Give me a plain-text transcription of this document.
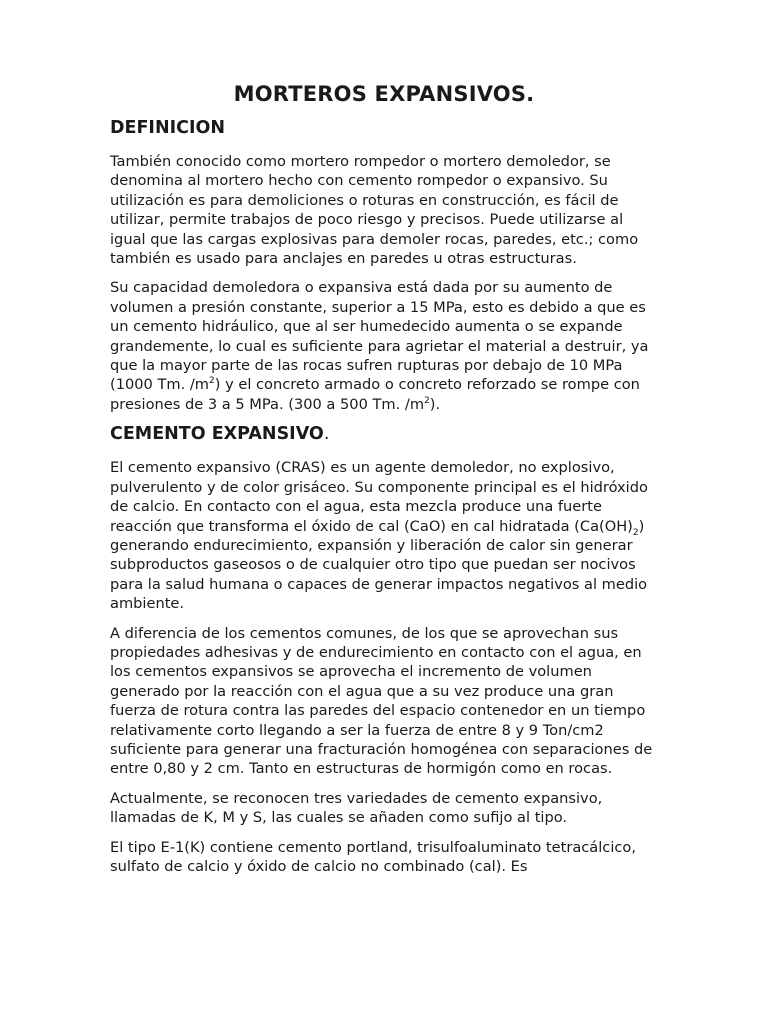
MORTEROS EXPANSIVOS.
DEFINICION

También conocido como mortero rompedor o mortero demoledor, se denomina al mortero hecho con cemento rompedor o expansivo. Su utilización es para demoliciones o roturas en construcción, es fácil de utilizar, permite trabajos de poco riesgo y precisos. Puede utilizarse al igual que las cargas explosivas para demoler rocas, paredes, etc.; como también es usado para anclajes en paredes u otras estructuras.

Su capacidad demoledora o expansiva está dada por su aumento de volumen a presión constante, superior a 15 MPa, esto es debido a que es un cemento hidráulico, que al ser humedecido aumenta o se expande grandemente, lo cual es suficiente para agrietar el material a destruir, ya que la mayor parte de las rocas sufren rupturas por debajo de 10 MPa (1000 Tm. $/m^2$) y el concreto armado o concreto reforzado se rompe con presiones de 3 a 5 MPa. (300 a 500 Tm. $/m^2$).

CEMENTO EXPANSIVO.

El cemento expansivo (CRAS) es un agente demoledor, no explosivo, pulverulento y de color grisáceo. Su componente principal es el hidróxido de calcio. En contacto con el agua, esta mezcla produce una fuerte reacción que transforma el óxido de cal (CaO) en cal hidratada $(Ca(OH)_2)$ generando endurecimiento, expansión y liberación de calor sin generar subproductos gaseosos o de cualquier otro tipo que puedan ser nocivos para la salud humana o capaces de generar impactos negativos al medio ambiente.

A diferencia de los cementos comunes, de los que se aprovechan sus propiedades adhesivas y de endurecimiento en contacto con el agua, en los cementos expansivos se aprovecha el incremento de volumen generado por la reacción con el agua que a su vez produce una gran fuerza de rotura contra las paredes del espacio contenedor en un tiempo relativamente corto llegando a ser la fuerza de entre 8 y 9 Ton/cm2 suficiente para generar una fracturación homogénea con separaciones de entre 0,80 y 2 cm. Tanto en estructuras de hormigón como en rocas.

Actualmente, se reconocen tres variedades de cemento expansivo, llamadas de K, M y S, las cuales se añaden como sufijo al tipo.

El tipo E-1(K) contiene cemento portland, trisulfoaluminato tetracálcico, sulfato de calcio y óxido de calcio no combinado (cal). Es
